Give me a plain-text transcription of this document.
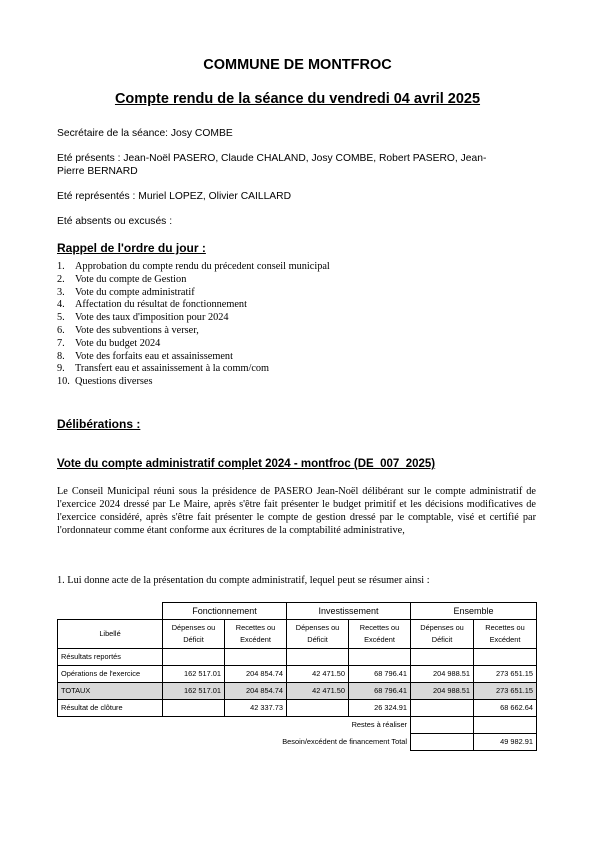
COMMUNE DE MONTFROC
Compte rendu de la séance du vendredi 04 avril 2025
Secrétaire de la séance: Josy COMBE
Eté présents : Jean-Noël PASERO, Claude CHALAND, Josy COMBE, Robert PASERO, Jean-Pierre BERNARD
Eté représentés : Muriel LOPEZ, Olivier CAILLARD
Eté absents ou excusés :
Rappel de l'ordre du jour :
1. Approbation du compte rendu du précedent conseil municipal
2. Vote du compte de Gestion
3. Vote du compte administratif
4. Affectation du résultat de fonctionnement
5. Vote des taux d'imposition pour 2024
6. Vote des subventions à verser,
7. Vote du budget 2024
8. Vote des forfaits eau et assainissement
9. Transfert eau et assainissement à la comm/com
10. Questions diverses
Délibérations :
Vote du compte administratif complet 2024 - montfroc (DE_007_2025)
Le Conseil Municipal réuni sous la présidence de PASERO Jean-Noël délibérant sur le compte administratif de l'exercice 2024 dressé par Le Maire, après s'être fait présenter le budget primitif et les décisions modificatives de l'exercice considéré, après s'être fait présenter le compte de gestion dressé par le comptable, visé et certifié par l'ordonnateur comme étant conforme aux écritures de la comptabilité administrative,
1. Lui donne acte de la présentation du compte administratif, lequel peut se résumer ainsi :
	Fonctionnement		Investissement		Ensemble	
Libellé	Dépenses ou Déficit	Recettes ou Excédent	Dépenses ou Déficit	Recettes ou Excédent	Dépenses ou Déficit	Recettes ou Excédent
Résultats reportés						
Opérations de l'exercice	162 517.01	204 854.74	42 471.50	68 796.41	204 988.51	273 651.15
TOTAUX	162 517.01	204 854.74	42 471.50	68 796.41	204 988.51	273 651.15
Résultat de clôture		42 337.73		26 324.91		68 662.64
Restes à réaliser						
Besoin/excédent de financement Total						49 982.91
